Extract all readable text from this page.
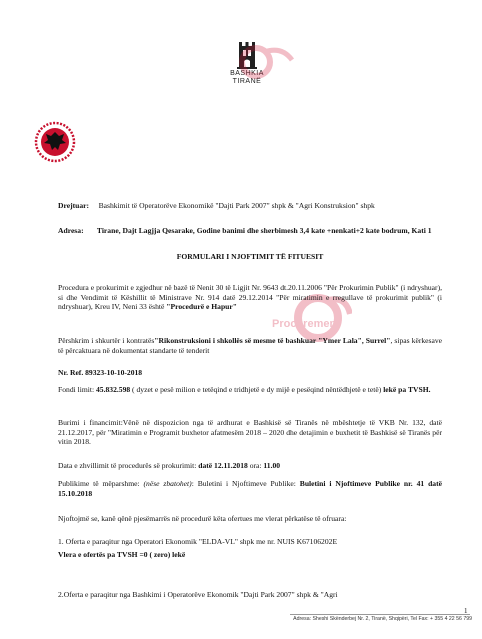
BASHKIA
TIRANË
Drejtuar: Bashkimit të Operatorëve Ekonomikë "Dajti Park 2007" shpk & "Agri Konstruksion" shpk
Adresa: Tirane, Dajt Lagjja Qesarake, Godine banimi dhe sherbimesh 3,4 kate +nenkati+2 kate bodrum, Kati 1
FORMULARI I NJOFTIMIT TË FITUESIT
Procurement
Procedura e prokurimit e zgjedhur në bazë të Nenit 30 të Ligjit Nr. 9643 dt.20.11.2006 "Për Prokurimin Publik" (i ndryshuar), si dhe Vendimit të Këshillit të Ministrave Nr. 914 datë 29.12.2014 "Për miratimin e rregullave të prokurimit publik" (i ndryshuar), Kreu IV, Neni 33 është "Procedurë e Hapur"
Përshkrim i shkurtër i kontratës"Rikonstruksioni i shkollës së mesme të bashkuar "Ymer Lala", Surrel", sipas kërkesave të përcaktuara në dokumentat standarte të tenderit
Nr. Ref. 89323-10-10-2018
Fondi limit: 45.832.598 ( dyzet e pesë milion e tetëqind e tridhjetë e dy mijë e pesëqind nëntëdhjetë e tetë) lekë pa TVSH.
Burimi i financimit:Vënë në dispozicion nga të ardhurat e Bashkisë së Tiranës në mbështetje të VKB Nr. 132, datë 21.12.2017, për "Miratimin e Programit buxhetor afatmesëm 2018 – 2020 dhe detajimin e buxhetit të Bashkisë së Tiranës për vitin 2018.
Data e zhvillimit të procedurës së prokurimit: datë 12.11.2018 ora: 11.00
Publikime të mëparshme: (nëse zbatohet): Buletini i Njoftimeve Publike: Buletini i Njoftimeve Publike nr. 41 datë 15.10.2018
Njoftojmë se, kanë qënë pjesëmarrës në procedurë këta ofertues me vlerat përkatëse të ofruara:
1. Oferta e paraqitur nga Operatori Ekonomik "ELDA-VL" shpk me nr. NUIS K67106202E
Vlera e ofertës pa TVSH =0 ( zero) lekë
2.Oferta e paraqitur nga Bashkimi i Operatorëve Ekonomik "Dajti Park 2007" shpk & "Agri
1
Adresa: Sheshi Skënderbej Nr. 2, Tiranë, Shqipëri, Tel Fax: + 355 4 22 56 799
